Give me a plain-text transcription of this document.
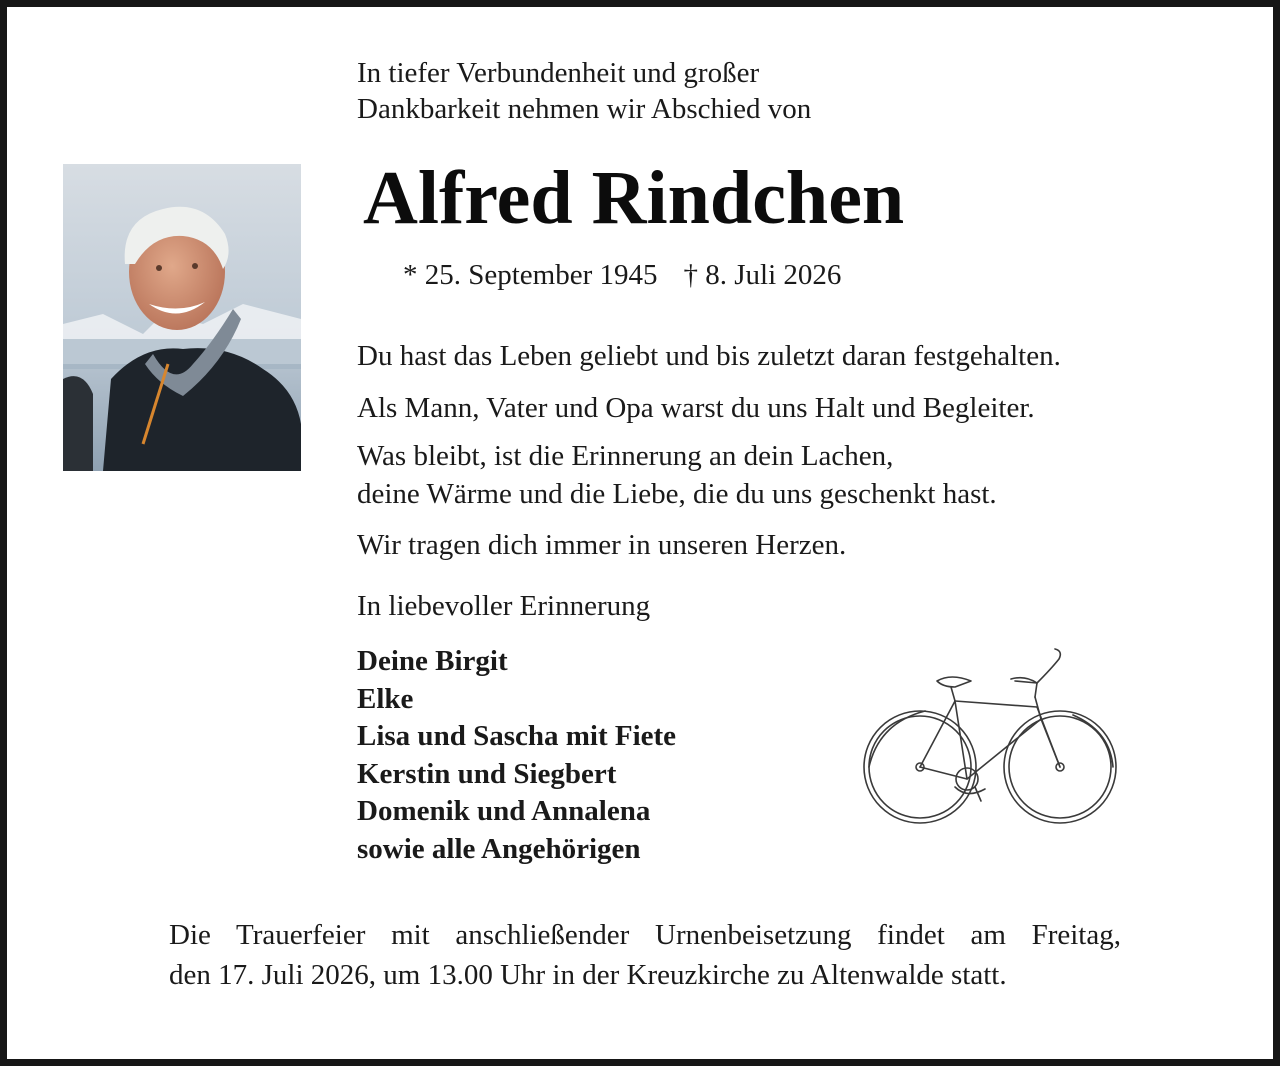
In tiefer Verbundenheit und großer
Dankbarkeit nehmen wir Abschied von
Alfred Rindchen
* 25. September 1945 † 8. Juli 2026
Du hast das Leben geliebt und bis zuletzt daran festgehalten.
Als Mann, Vater und Opa warst du uns Halt und Begleiter.
Was bleibt, ist die Erinnerung an dein Lachen,
deine Wärme und die Liebe, die du uns geschenkt hast.
Wir tragen dich immer in unseren Herzen.
In liebevoller Erinnerung
Deine Birgit
Elke
Lisa und Sascha mit Fiete
Kerstin und Siegbert
Domenik und Annalena
sowie alle Angehörigen
Die Trauerfeier mit anschließender Urnenbeisetzung findet am Freitag,
den 17. Juli 2026, um 13.00 Uhr in der Kreuzkirche zu Altenwalde statt.
